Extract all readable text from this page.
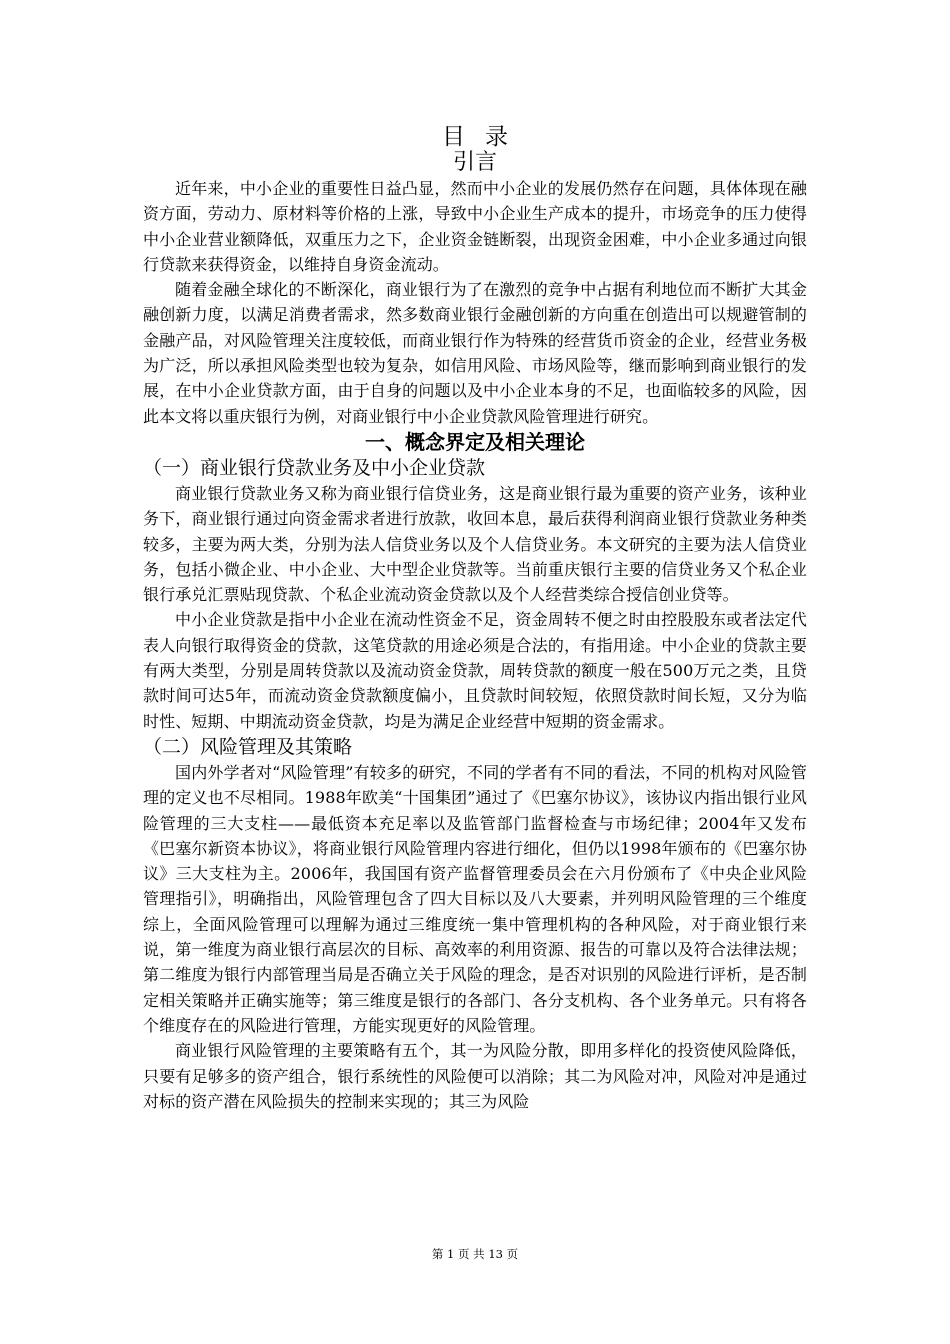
目录
引言

近年来，中小企业的重要性日益凸显，然而中小企业的发展仍然存在问题，具体体现在融资方面，劳动力、原材料等价格的上涨，导致中小企业生产成本的提升，市场竞争的压力使得中小企业营业额降低，双重压力之下，企业资金链断裂，出现资金困难，中小企业多通过向银行贷款来获得资金，以维持自身资金流动。

随着金融全球化的不断深化，商业银行为了在激烈的竞争中占据有利地位而不断扩大其金融创新力度，以满足消费者需求，然多数商业银行金融创新的方向重在创造出可以规避管制的金融产品，对风险管理关注度较低，而商业银行作为特殊的经营货币资金的企业，经营业务极为广泛，所以承担风险类型也较为复杂，如信用风险、市场风险等，继而影响到商业银行的发展，在中小企业贷款方面，由于自身的问题以及中小企业本身的不足，也面临较多的风险，因此本文将以重庆银行为例，对商业银行中小企业贷款风险管理进行研究。

一、概念界定及相关理论
（一）商业银行贷款业务及中小企业贷款

商业银行贷款业务又称为商业银行信贷业务，这是商业银行最为重要的资产业务，该种业务下，商业银行通过向资金需求者进行放款，收回本息，最后获得利润商业银行贷款业务种类较多，主要为两大类，分别为法人信贷业务以及个人信贷业务。本文研究的主要为法人信贷业务，包括小微企业、中小企业、大中型企业贷款等。当前重庆银行主要的信贷业务又个私企业银行承兑汇票贴现贷款、个私企业流动资金贷款以及个人经营类综合授信创业贷等。

中小企业贷款是指中小企业在流动性资金不足，资金周转不便之时由控股股东或者法定代表人向银行取得资金的贷款，这笔贷款的用途必须是合法的，有指用途。中小企业的贷款主要有两大类型，分别是周转贷款以及流动资金贷款，周转贷款的额度一般在500万元之类，且贷款时间可达5年，而流动资金贷款额度偏小，且贷款时间较短，依照贷款时间长短，又分为临时性、短期、中期流动资金贷款，均是为满足企业经营中短期的资金需求。

（二）风险管理及其策略

国内外学者对“风险管理”有较多的研究，不同的学者有不同的看法，不同的机构对风险管理的定义也不尽相同。1988年欧美“十国集团”通过了《巴塞尔协议》，该协议内指出银行业风险管理的三大支柱——最低资本充足率以及监管部门监督检查与市场纪律；2004年又发布《巴塞尔新资本协议》，将商业银行风险管理内容进行细化，但仍以1998年颁布的《巴塞尔协议》三大支柱为主。2006年，我国国有资产监督管理委员会在六月份颁布了《中央企业风险管理指引》，明确指出，风险管理包含了四大目标以及八大要素，并列明风险管理的三个维度综上，全面风险管理可以理解为通过三维度统一集中管理机构的各种风险，对于商业银行来说，第一维度为商业银行高层次的目标、高效率的利用资源、报告的可靠以及符合法律法规；第二维度为银行内部管理当局是否确立关于风险的理念，是否对识别的风险进行评析，是否制定相关策略并正确实施等；第三维度是银行的各部门、各分支机构、各个业务单元。只有将各个维度存在的风险进行管理，方能实现更好的风险管理。

商业银行风险管理的主要策略有五个，其一为风险分散，即用多样化的投资使风险降低，只要有足够多的资产组合，银行系统性的风险便可以消除；其二为风险对冲，风险对冲是通过对标的资产潜在风险损失的控制来实现的；其三为风险

第 1 页 共 13 页
